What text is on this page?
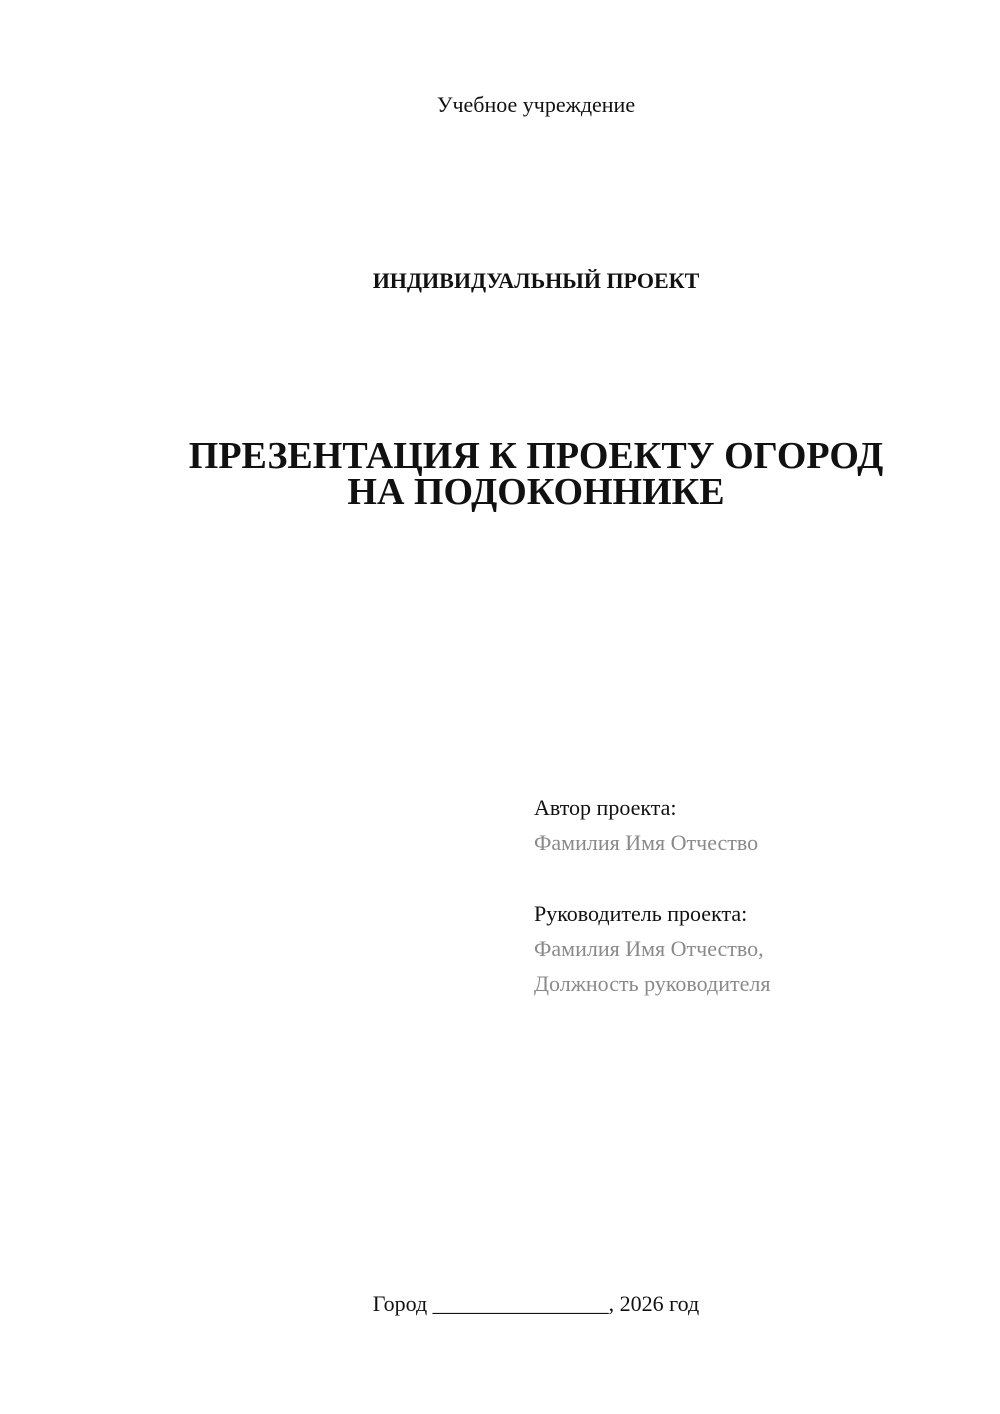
Учебное учреждение
ИНДИВИДУАЛЬНЫЙ ПРОЕКТ
ПРЕЗЕНТАЦИЯ К ПРОЕКТУ ОГОРОД
НА ПОДОКОННИКЕ
Автор проекта:
Фамилия Имя Отчество
Руководитель проекта:
Фамилия Имя Отчество,
Должность руководителя
Город ________________, 2026 год
